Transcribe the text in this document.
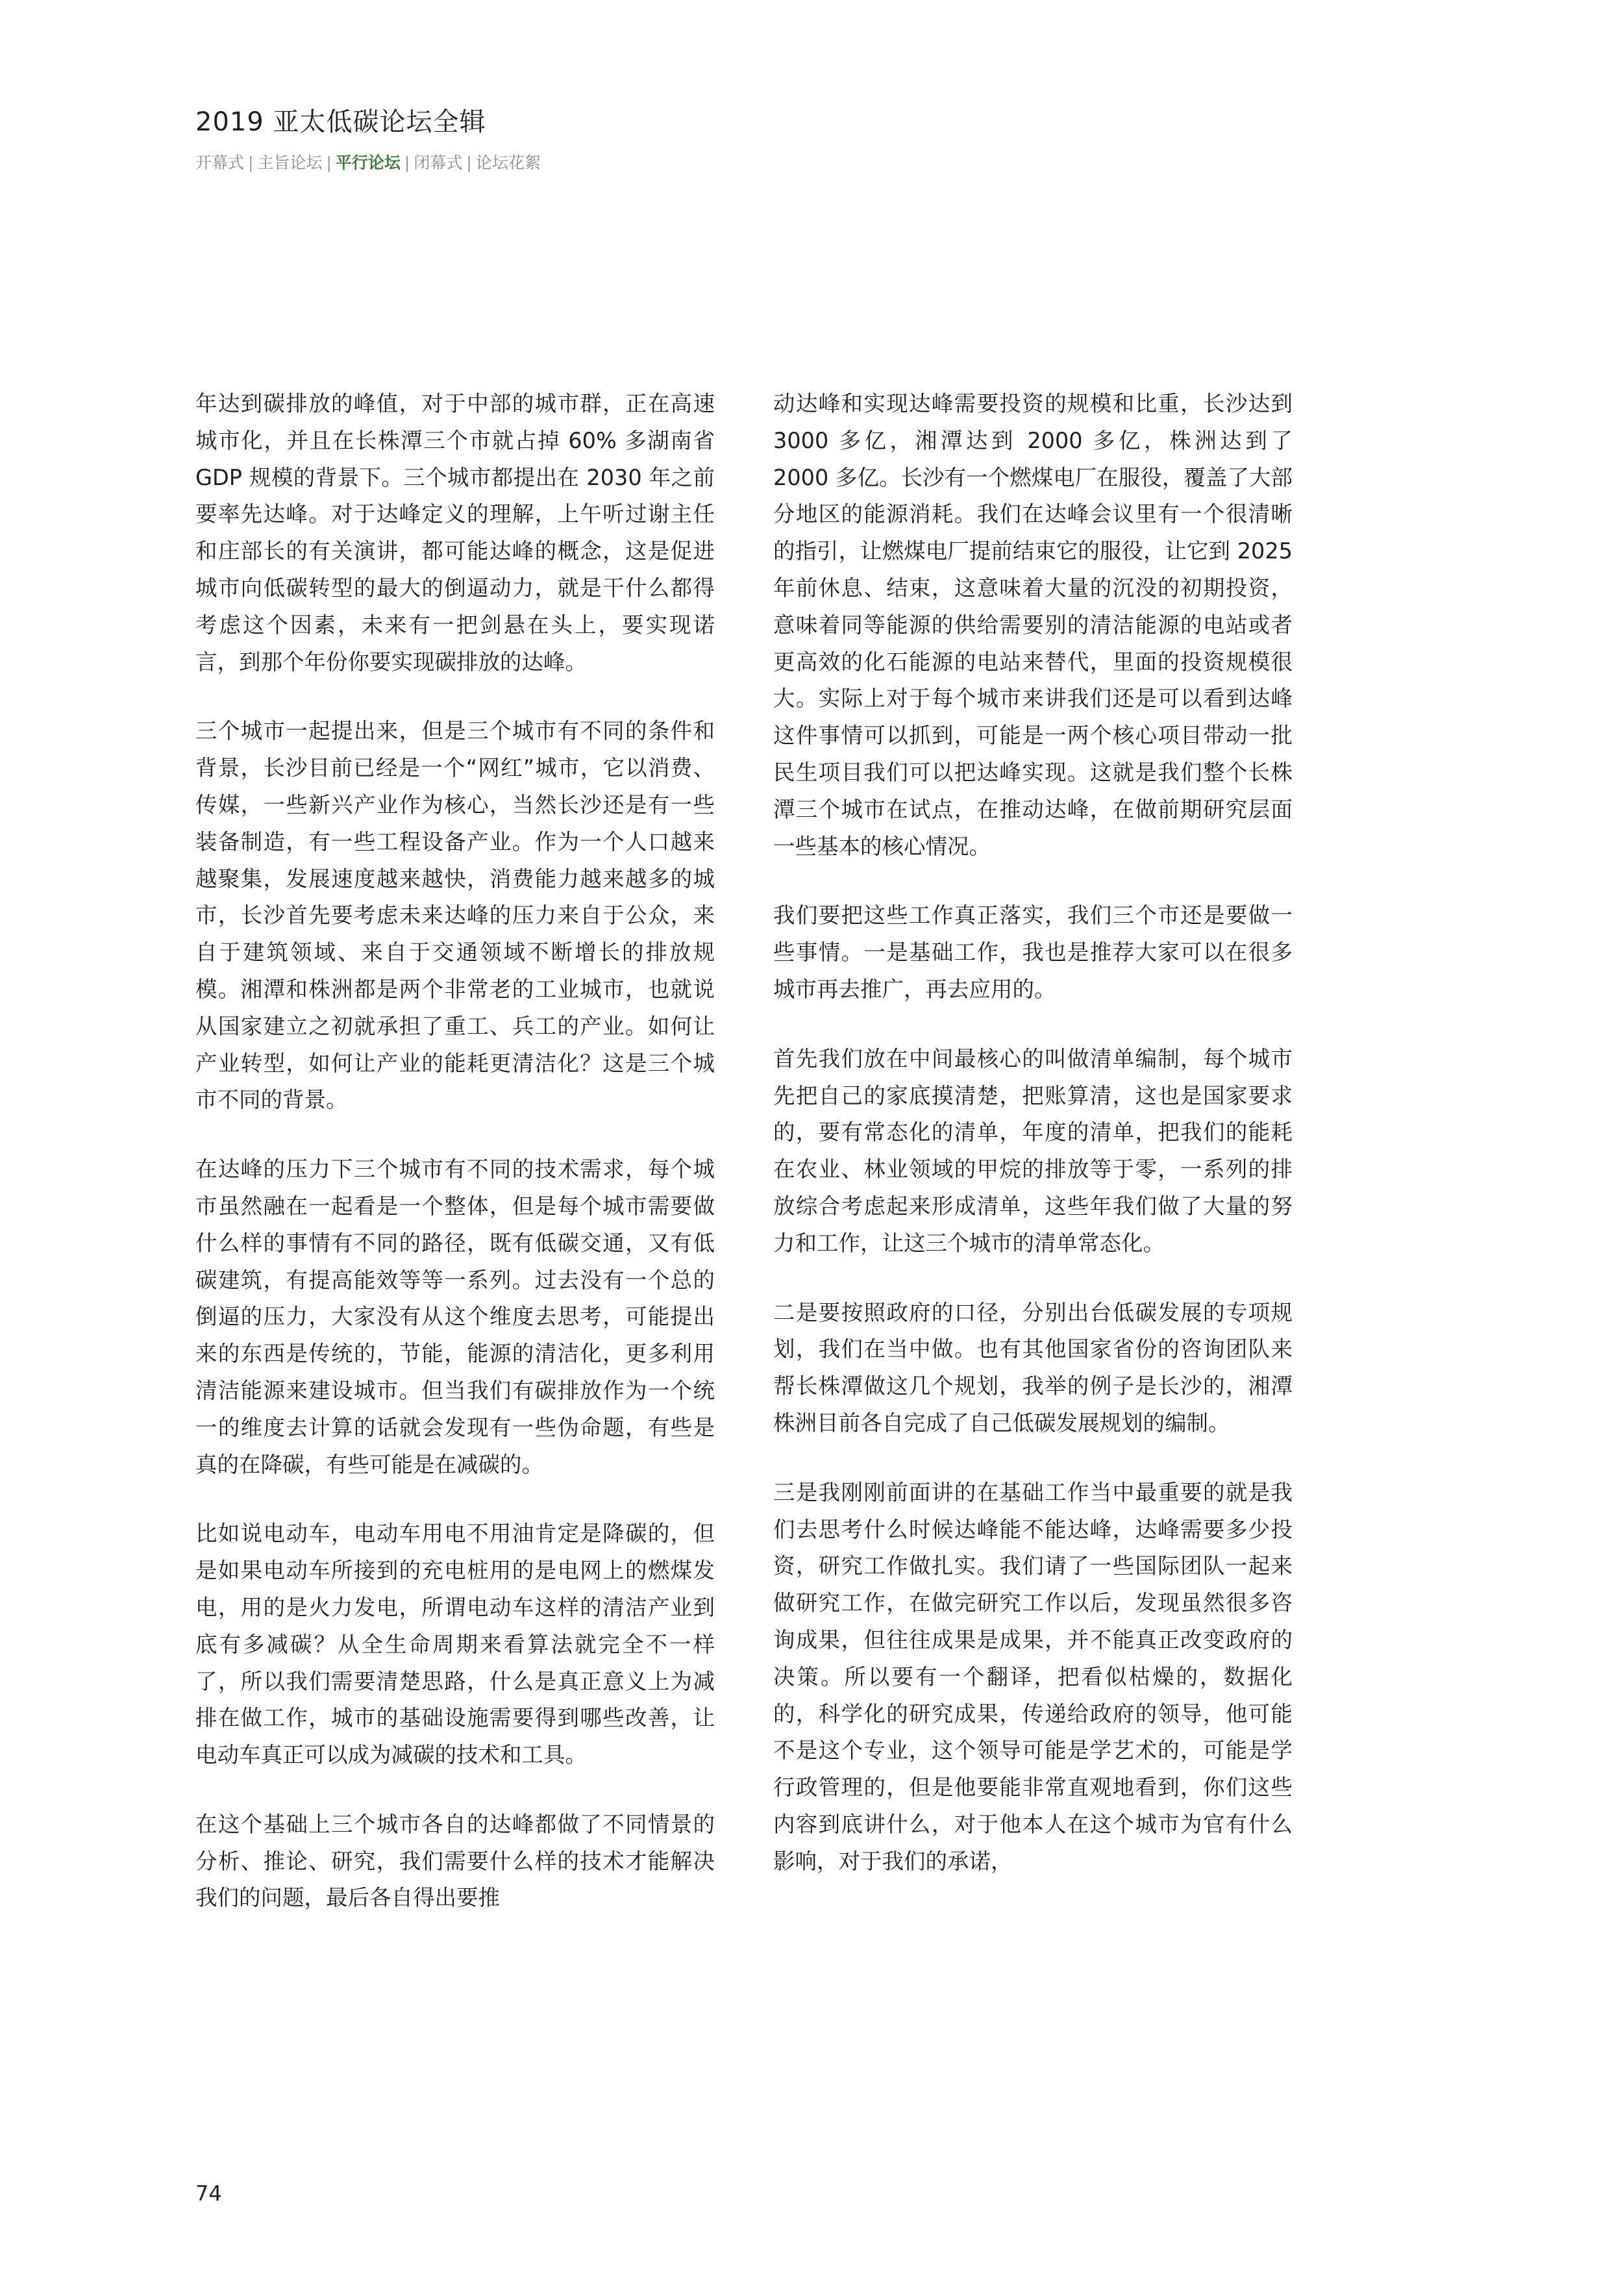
2019 亚太低碳论坛全辑
开幕式 | 主旨论坛 | 平行论坛 | 闭幕式 | 论坛花絮

年达到碳排放的峰值，对于中部的城市群，正在高速城市化，并且在长株潭三个市就占掉 60% 多湖南省 GDP 规模的背景下。三个城市都提出在 2030 年之前要率先达峰。对于达峰定义的理解，上午听过谢主任和庄部长的有关演讲，都可能达峰的概念，这是促进城市向低碳转型的最大的倒逼动力，就是干什么都得考虑这个因素，未来有一把剑悬在头上，要实现诺言，到那个年份你要实现碳排放的达峰。

三个城市一起提出来，但是三个城市有不同的条件和背景，长沙目前已经是一个“网红”城市，它以消费、传媒，一些新兴产业作为核心，当然长沙还是有一些装备制造，有一些工程设备产业。作为一个人口越来越聚集，发展速度越来越快，消费能力越来越多的城市，长沙首先要考虑未来达峰的压力来自于公众，来自于建筑领域、来自于交通领域不断增长的排放规模。湘潭和株洲都是两个非常老的工业城市，也就说从国家建立之初就承担了重工、兵工的产业。如何让产业转型，如何让产业的能耗更清洁化？这是三个城市不同的背景。

在达峰的压力下三个城市有不同的技术需求，每个城市虽然融在一起看是一个整体，但是每个城市需要做什么样的事情有不同的路径，既有低碳交通，又有低碳建筑，有提高能效等等一系列。过去没有一个总的倒逼的压力，大家没有从这个维度去思考，可能提出来的东西是传统的，节能，能源的清洁化，更多利用清洁能源来建设城市。但当我们有碳排放作为一个统一的维度去计算的话就会发现有一些伪命题，有些是真的在降碳，有些可能是在减碳的。

比如说电动车，电动车用电不用油肯定是降碳的，但是如果电动车所接到的充电桩用的是电网上的燃煤发电，用的是火力发电，所谓电动车这样的清洁产业到底有多减碳？从全生命周期来看算法就完全不一样了，所以我们需要清楚思路，什么是真正意义上为减排在做工作，城市的基础设施需要得到哪些改善，让电动车真正可以成为减碳的技术和工具。

在这个基础上三个城市各自的达峰都做了不同情景的分析、推论、研究，我们需要什么样的技术才能解决我们的问题，最后各自得出要推

动达峰和实现达峰需要投资的规模和比重，长沙达到 3000 多亿，湘潭达到 2000 多亿，株洲达到了 2000 多亿。长沙有一个燃煤电厂在服役，覆盖了大部分地区的能源消耗。我们在达峰会议里有一个很清晰的指引，让燃煤电厂提前结束它的服役，让它到 2025 年前休息、结束，这意味着大量的沉没的初期投资，意味着同等能源的供给需要别的清洁能源的电站或者更高效的化石能源的电站来替代，里面的投资规模很大。实际上对于每个城市来讲我们还是可以看到达峰这件事情可以抓到，可能是一两个核心项目带动一批民生项目我们可以把达峰实现。这就是我们整个长株潭三个城市在试点，在推动达峰，在做前期研究层面一些基本的核心情况。

我们要把这些工作真正落实，我们三个市还是要做一些事情。一是基础工作，我也是推荐大家可以在很多城市再去推广，再去应用的。

首先我们放在中间最核心的叫做清单编制，每个城市先把自己的家底摸清楚，把账算清，这也是国家要求的，要有常态化的清单，年度的清单，把我们的能耗在农业、林业领域的甲烷的排放等于零，一系列的排放综合考虑起来形成清单，这些年我们做了大量的努力和工作，让这三个城市的清单常态化。

二是要按照政府的口径，分别出台低碳发展的专项规划，我们在当中做。也有其他国家省份的咨询团队来帮长株潭做这几个规划，我举的例子是长沙的，湘潭株洲目前各自完成了自己低碳发展规划的编制。

三是我刚刚前面讲的在基础工作当中最重要的就是我们去思考什么时候达峰能不能达峰，达峰需要多少投资，研究工作做扎实。我们请了一些国际团队一起来做研究工作，在做完研究工作以后，发现虽然很多咨询成果，但往往成果是成果，并不能真正改变政府的决策。所以要有一个翻译，把看似枯燥的，数据化的，科学化的研究成果，传递给政府的领导，他可能不是这个专业，这个领导可能是学艺术的，可能是学行政管理的，但是他要能非常直观地看到，你们这些内容到底讲什么，对于他本人在这个城市为官有什么影响，对于我们的承诺，

74
